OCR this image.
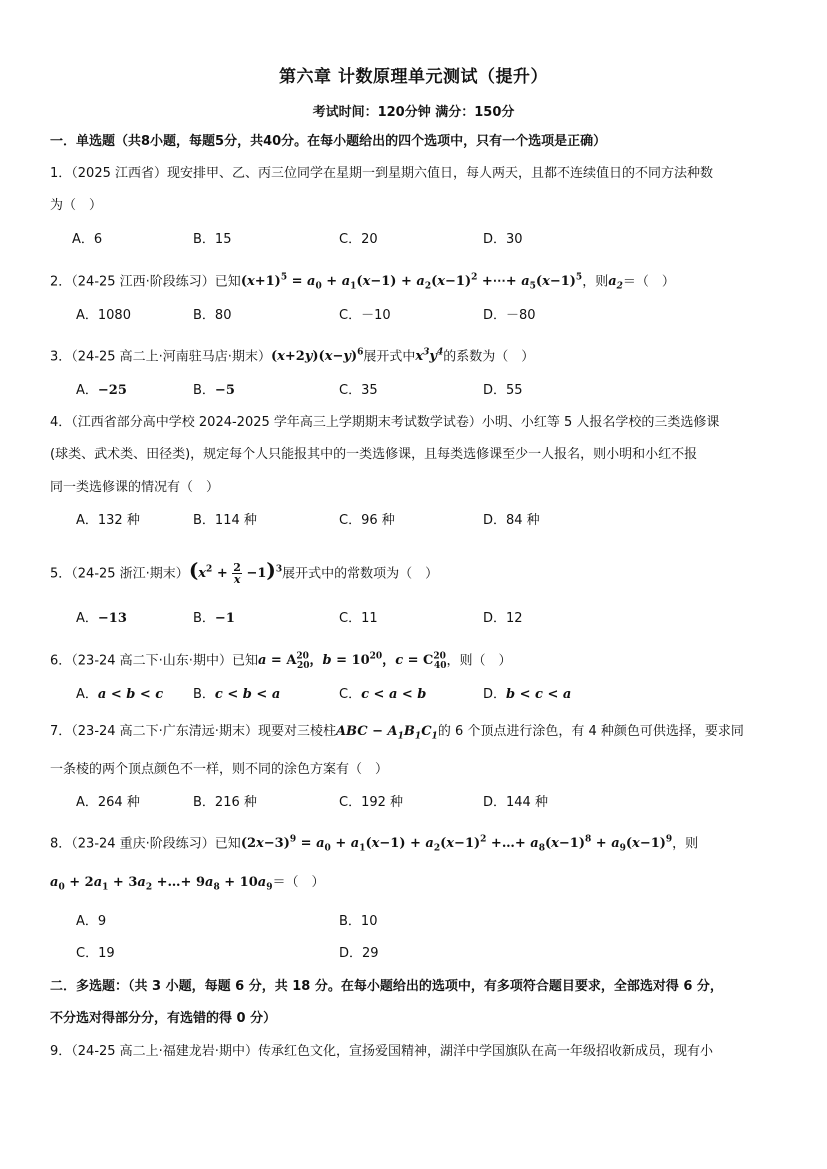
第六章 计数原理单元测试（提升）
考试时间：120分钟 满分：150分
一．单选题（共8小题，每题5分，共40分。在每小题给出的四个选项中，只有一个选项是正确）
1．（2025 江西省）现安排甲、乙、丙三位同学在星期一到星期六值日，每人两天，且都不连续值日的不同方法种数
为（　）
A．6	B．15	C．20	D．30
2．（24-25 江西·阶段练习）已知$(x+1)^5 = a_0 + a_1(x-1) + a_2(x-1)^2$ +⋯+ $a_5(x-1)^5$，则$a_2=$（　）
A．1080	B．80	C．－10	D．－80
3．（24-25 高二上·河南驻马店·期末）$(x+2y)(x-y)^6$展开式中$x^3y^4$的系数为（　）
A．−25	B．−5	C．35	D．55
4．（江西省部分高中学校 2024-2025 学年高三上学期期末考试数学试卷）小明、小红等 5 人报名学校的三类选修课
(球类、武术类、田径类)，规定每个人只能报其中的一类选修课，且每类选修课至少一人报名，则小明和小红不报
同一类选修课的情况有（　）
A．132 种	B．114 种	C．96 种	D．84 种
5．（24-25 浙江·期末）$(x^2 + \frac{2}{x} -1)^3$展开式中的常数项为（　）
A．−13	B．−1	C．11	D．12
6．（23-24 高二下·山东·期中）已知$a = A^{20}_{20}$，$b = 10^{20}$，$c = C^{20}_{40}$，则（　）
A．a < b < c B．c < b < a	C．c < a < b	D．b < c < a
7．（23-24 高二下·广东清远·期末）现要对三棱柱ABC − $A_1B_1C_1$的 6 个顶点进行涂色，有 4 种颜色可供选择，要求同
一条棱的两个顶点颜色不一样，则不同的涂色方案有（　）
A．264 种	B．216 种	C．192 种	D．144 种
8．（23-24 重庆·阶段练习）已知$(2x-3)^9 = a_0 + a_1(x-1) + a_2(x-1)^2$ +…+ $a_8(x-1)^8 + a_9(x-1)^9$，则
$a_0 + 2a_1 + 3a_2$ +…+ $9a_8 + 10a_9=$（　）
A．9	B．10
C．19	D．29
二．多选题：（共 3 小题，每题 6 分，共 18 分。在每小题给出的选项中，有多项符合题目要求，全部选对得 6 分，
不分选对得部分分，有选错的得 0 分）
9．（24-25 高二上·福建龙岩·期中）传承红色文化，宣扬爱国精神，湖洋中学国旗队在高一年级招收新成员，现有小
